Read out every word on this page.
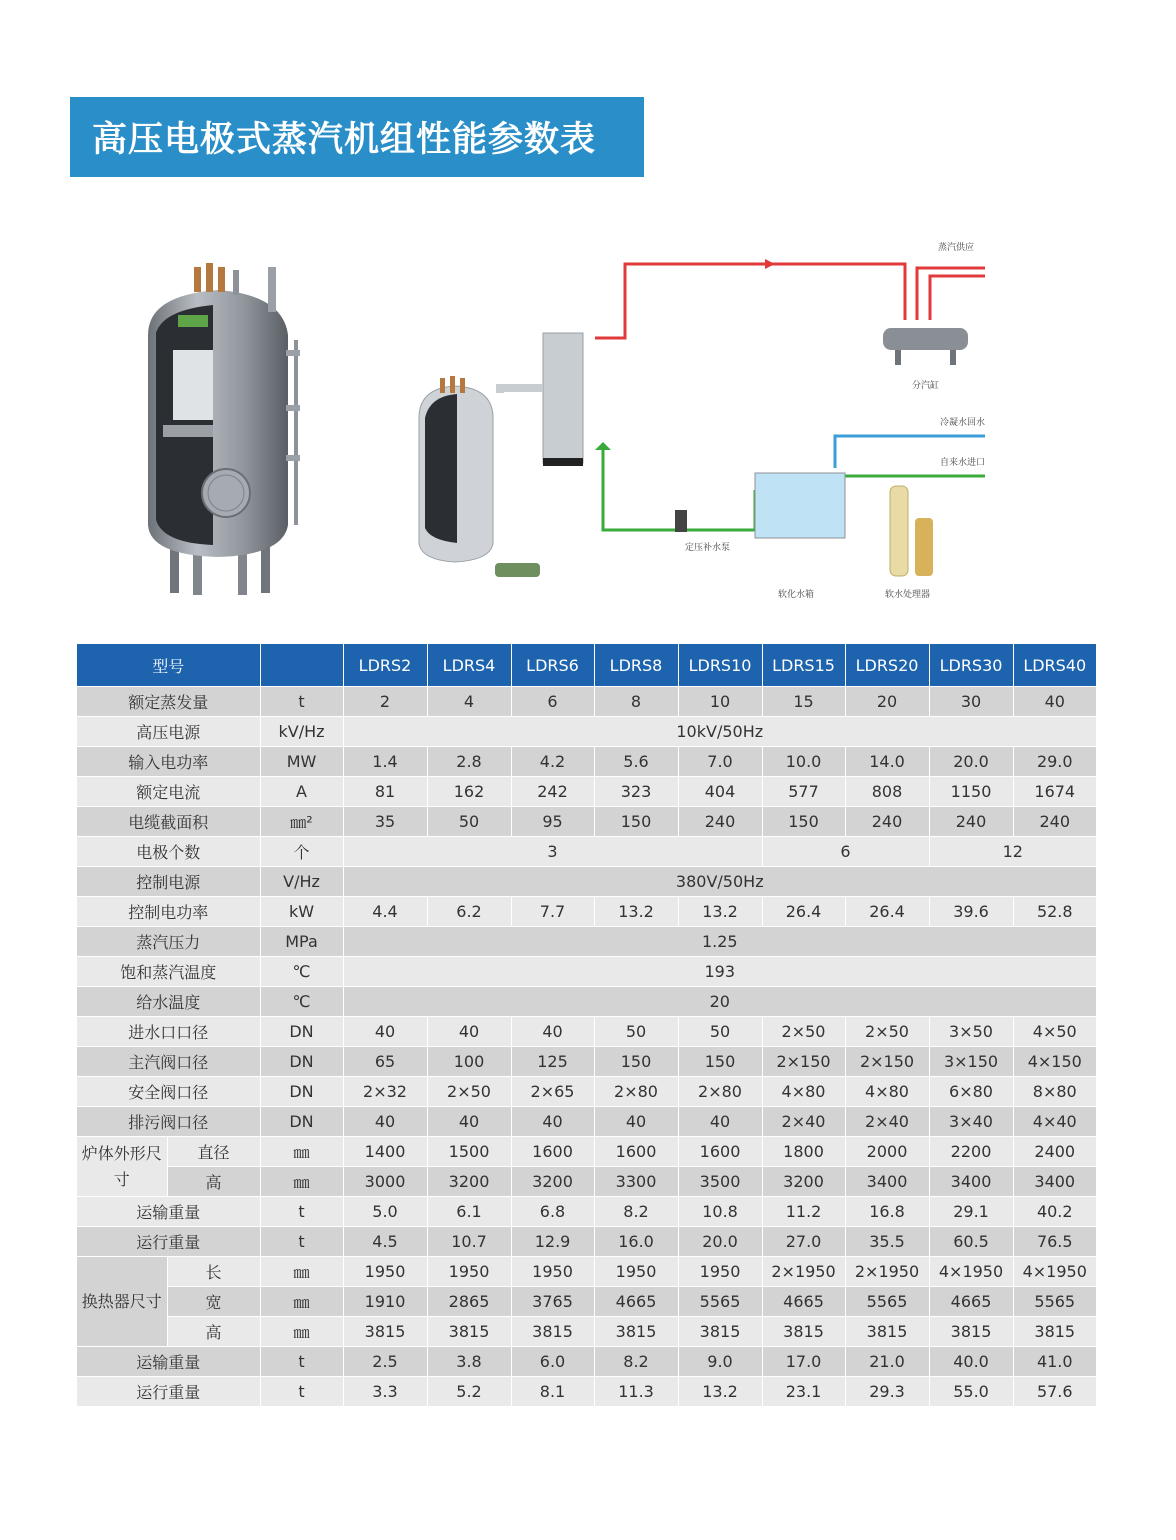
高压电极式蒸汽机组性能参数表
蒸汽供应
分汽缸
冷凝水回水
自来水进口
定压补水泵
软化水箱	软水处理器
型号			LDRS2	LDRS4	LDRS6	LDRS8	LDRS10	LDRS15	LDRS20	LDRS30	LDRS40
额定蒸发量		t	2	4	6	8	10	15	20	30	40
高压电源		kV/Hz	10kV/50Hz								
输入电功率		MW	1.4	2.8	4.2	5.6	7.0	10.0	14.0	20.0	29.0
额定电流		A	81	162	242	323	404	577	808	1150	1674
电缆截面积		㎜²	35	50	95	150	240	150	240	240	240
电极个数		个	3					6		12	
控制电源		V/Hz	380V/50Hz								
控制电功率		kW	4.4	6.2	7.7	13.2	13.2	26.4	26.4	39.6	52.8
蒸汽压力		MPa	1.25								
饱和蒸汽温度		℃	193								
给水温度		℃	20								
进水口口径		DN	40	40	40	50	50	2×50	2×50	3×50	4×50
主汽阀口径		DN	65	100	125	150	150	2×150	2×150	3×150	4×150
安全阀口径		DN	2×32	2×50	2×65	2×80	2×80	4×80	4×80	6×80	8×80
排污阀口径		DN	40	40	40	40	40	2×40	2×40	3×40	4×40
炉体外形尺寸	直径	㎜	1400	1500	1600	1600	1600	1800	2000	2200	2400
	高	㎜	3000	3200	3200	3300	3500	3200	3400	3400	3400
运输重量		t	5.0	6.1	6.8	8.2	10.8	11.2	16.8	29.1	40.2
运行重量		t	4.5	10.7	12.9	16.0	20.0	27.0	35.5	60.5	76.5
换热器尺寸	长	㎜	1950	1950	1950	1950	1950	2×1950	2×1950	4×1950	4×1950
	宽	㎜	1910	2865	3765	4665	5565	4665	5565	4665	5565
	高	㎜	3815	3815	3815	3815	3815	3815	3815	3815	3815
运输重量		t	2.5	3.8	6.0	8.2	9.0	17.0	21.0	40.0	41.0
运行重量		t	3.3	5.2	8.1	11.3	13.2	23.1	29.3	55.0	57.6
